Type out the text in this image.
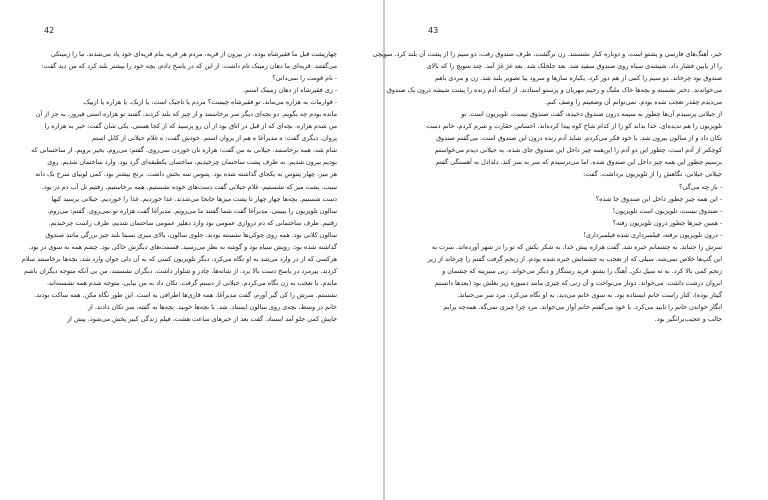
42

چهارپشت قبل ما فقیرشاه بوده. در بیرون از قریه، مردم هر قریه بنام قریه‌ای خود یاد می‌شدند. ما را زمینکی

می‌گفتند. قریه‌ای ما دهان زمینک نام داشت. از این که در پاسخ دادم، بچه خود را بیشتر بلند کرد که من دید گفت:

- نام قومت را نمی‌دانی؟

- زی فقیرشاه از دهان زمینک استم.

- قوارمات به هزاره می‌ماند. تو فقیرشاه چیست؟ مردم یا تاجیک است، یا ازبک، یا هزاره یا ازبیک.

مانده بودم چه بگویم. دو بچه‌ای دیگر سر برخاستند و از چیز که بلند کردند، گفتند تو هزاره استی فیروز، به جز از آن

من شدم هزاره. بچه‌ای که از قبل در اتاق بود از آن رو پرسید که از کجا هستی. یکی شان گفت: خیر به هزاره را

پروان. دیگری گفت: ه مدیرآغا ه هم از پروان استم. خودش گفت: ه غلام جیلانی از کابل استم

شام شد، همه برخاستند. جیلانی به من گفت: هزاره نان خوردن نمی‌روی. گفتم: می‌روم. بخیر برویم. از ساختمانی که

بودیم بیرون شدیم. به طرف پشت ساختمان چرخیدیم، ساختمان یکطبقه‌ای گرد بود. وارد ساختمان شدیم. روی

هر میز، چهار پتنوس به یکجای گذاشته شده بود. پتنوس سه بخش داشت. برنج بیشتر بود. کمی لوبیای سرخ بک دانه

سیب. پشت میز که نشستیم، غلام جیلانی گفت دست‌های خوده نشستیم. همه برخاستیم. رفتیم تل آب دم در بود.

دست شستیم. بچه‌ها چهار چهار تا پشت میزها جابجا می‌شدند. غذا خوردیم. غذا را خوردیم. جیلانی پرسید کیها

سالون تلویزیون را بیبینی. مدیرآغا گفت شما گفتند ما می‌رویم. مدیرآغا گفت هزاره تو نمی‌روی. گفتم: می‌روم.

رفتیم. طرف ساختمانی که دم دروازی عمومی بود وارد دهلیز عمومی ساختمان شدیم، طرف راست چرخیدیم.

سالون کلانی بود. همه روی چوکی‌ها نشسته بودند. جلوی سالون، بالای میزی نسبتا بلند چیز بزرگی مانند صندوق

گذاشته شده بود، روپش سیاه بود و گوشه به نظر می‌رسید. قسمت‌های دیگرش خاکی بود. چشم همه به سوی در بود.

هرکسی که از در وارد می‌شد به او نگاه می‌کرد. دیگر تلویزیون کسی که به آن دلی جوان وارد شد، بچه‌ها برخاستند سلام

کردند. پیرمرد در پاسخ دست بالا برد. از شانه‌ها، چادر و شلوار داشت. دیگران نشستند، من بی آنکه متوجه دیگران باشم

ماندم. با تعجب به زن نگاه می‌کردم. جیلانی از دستم گرفت. تکان داد به من بیایی. متوجه شدم همه نشسته‌اند،

نشستم. سرش را کی گیر آورم، گفت مدیرآغا. همه قاری‌ها اطرافی به است. این طور نگاه مکن. همه ساکت بودند.

خانم در وسط، بچه‌ی روی سالون ایستاد. شد. با بچه‌ها خوبید. بچه‌ها به گفته، سر تکان دادند. از

جایش کمی جلو آمد ایستاد. گفت بعد از خبرهای ساعت هشت، فیلم زندگی کبیر پخش می‌شود. پیش از

43

خبر، آهنگ‌های فارسی و پشتو است. و دوباره کنار نشستند. زن برگشت، طرف صندوق رفت، دو سیم را از پشت آن بلند کرد. سویچی

را از پایین فشار داد. شیشه‌ی سیاه روی صندوق سفید شد. بعد جلجلک شد. بعد غژ غژ آمد. چند سویچ را که بالای

صندوق بود چرخاند. دو سیم را کمی از هم دور کرد. یکباره سازها و سرود بیا تصویر بلند شد. زن و مردی باهم

می‌خواندند. دختر نشسته و بچه‌ها خاک ملنگ و رحیم مهربان و پرستو استادند. از اینکه آدم زنده را پشت شیشه درون یک صندوق

می‌دیدم چقدر تعجب شده بودم. نمی‌توانم آن وضعیتم را وصف کنم.

از جیلانی پرسیدم آن‌ها چطور به سیمه درون صندوق دخیده، گفت صندوق نیست، تلویزیون است. تو

تلویزیون را هم ندیده‌ای. خدا بداند کو را از کدام شاخ کوه پیدا کرده‌اند. احساس حقارت و شرم کردم. خانم دست

تکان داد و از سالون بیرون شد. با خود فکر می‌کردم. شاید آدم زنده درون این صندوق است. می‌گفتم صندوق

کوچکتر از آدم است، چطور این دو آدم را این‌همه چیز داخل این صندوق جای شده. به جیلانی دیدم می‌خواستم

برسیم چطور این همه چیز داخل این صندوق شده. اما می‌ترسیدم که سر به سر کند. دلدادل به آهستگی گفتم

جیلانی جیلانی، نگاهش را از تلویزیون برداشت. گفت:

- باز چه می‌گی؟

- این همه چیز چطور داخل این صندوق جا شده؟

- صندوق نیست، تلویزیون است تلویزیون!

- همین چیزها چطور درون تلویزیون رفته؟

- درون تلویزیون نرفته، فیلمبرداری شده فیلمبرداری!

سرش را جنباند. به چشمانم خیره شد. گفت هزاره بیش خدا، به شکر بکش که تو را در شهر آورده‌اند. سرت به

این گپ‌ها خلاص نمی‌شه. سیلی که از تعجب به چشمانش خیره شده بودم. از زنجم گرفت گفتم را چرخاند از زیر

زنجم کمی بالا کرد. به نه سیل نکن. آهنگ را بشنو. فرید رستگار و دیگر می‌خواند. زنی سبزینه که چشمان و

ابروان درشت داشت. می‌خواند. دوتار می‌نواخت و آن زنی که چیزی مانند دمبوره زیر بغلش بود (بعدها دانستم

گیتار بوده)، کنار راست خانم ایستاده بود. به سوی خانم می‌دید، به او نگاه می‌کرد. مرد سر می‌جنباند.

انگار خواندن خانم را تایید می‌کرد. با خود می‌گفتم خانم آواز می‌خواند. مرد چرا چیزی نمی‌گه. همه‌چه برایم

جالب و عجیب‌برانگیز بود.
